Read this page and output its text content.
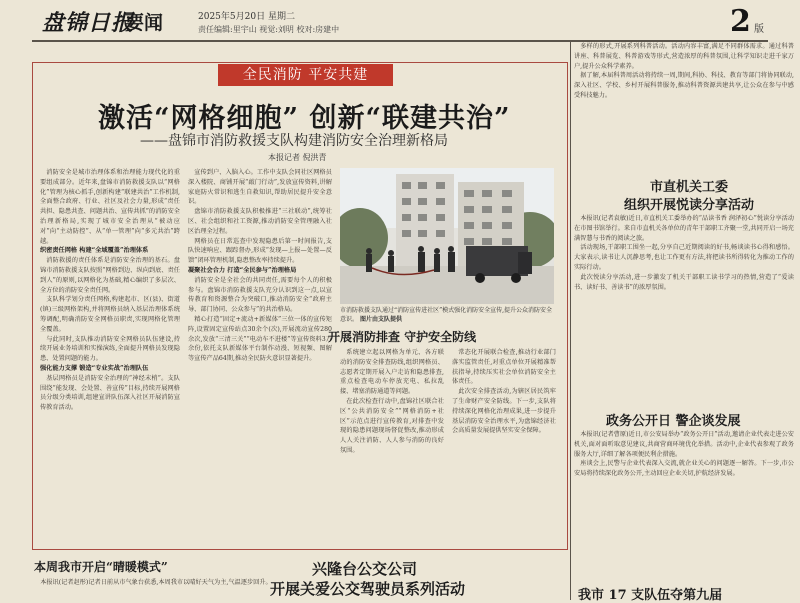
盘锦日报
要闻	2025年5月20日 星期二
责任编辑:里宇山 视觉:刘明 校对:房建中	2 版
全民消防 平安共建
激活“网格细胞” 创新“联建共治”
——盘锦市消防救援支队构建消防安全治理新格局
本报记者 倪洪青

消防安全是城市治理体系和治理能力现代化的重要组成部分。近年来,盘锦市消防救援支队以“网格化”管理为核心抓手,创新构建“联建共治”工作机制,全面整合政府、行业、社区及社会力量,形成“责任共担、隐患共查、问题共治、宣传共抓”的消防安全治理新格局,实现了城市安全治理从“被动应对”向“主动防控”、从“单一管理”向“多元共治”跨越。

织密责任网格 构建“全域覆盖”治理体系

消防救援的责任体系是消防安全治理的基石。盘锦市消防救援支队按照“网格到边、纵向到底、责任到人”的原则,以网格化为基础,精心编织了多层次、全方位的消防安全责任网。

支队科学划分责任网格,构建起市、区(县)、街道(镇)三级网格架构,并将网格员纳入基层治理体系统筹调配,明确消防安全网格员职责,实现网格化管理全覆盖。

与此同时,支队推动消防安全网格员队伍建设,持续开展业务培训和实操演练,全面提升网格员发现隐患、处置问题的能力。

强化能力支撑 锻造“专业实战”治理队伍

基层网格员是消防安全治理的“神经末梢”。支队围绕“能发现、会处置、善宣传”目标,持续开展网格员分级分类培训,组建宣讲队伍深入社区开展消防宣传教育活动。

宣传到户、入脑入心。工作中支队会同社区网格员深入楼院、商铺开展“敲门行动”,发放宣传资料,讲解家庭防火常识和逃生自救知识,帮助居民提升安全意识。

盘锦市消防救援支队积极推进“三社联动”,统筹社区、社会组织和社工资源,推动消防安全管理融入社区治理全过程。

网格员在日常巡查中发现隐患后第一时间报告,支队快速响应、跟踪督办,形成“发现—上报—处置—反馈”闭环管理机制,隐患整改率持续提升。

凝聚社会合力 打造“全民参与”治理格局

消防安全是全社会的共同责任,需要每个人的积极参与。盘锦市消防救援支队充分认识到这一点,以宣传教育和资源整合为突破口,推动消防安全“政府主导、部门协同、公众参与”的共治格局。

精心打造“固定+流动+新媒体”三位一体的宣传矩阵,设置固定宣传站点30余个(次),开展流动宣传280余次,发放“三清三关”“电动车不进楼”等宣传资料3万余份,依托支队新媒体平台制作动漫、短视频、图解等宣传产品64期,推动全民防火意识显著提升。

市消防救援支队通过“消防宣传进社区”模式强化消防安全宣传,提升公众消防安全意识。 图片由支队提供
开展消防排查 守护安全防线

系统建立起以网格为单元、各方联动的消防安全排查防线,组织网格员、志愿者定期开展入户走访和隐患排查,重点检查电动车停放充电、私拉乱接、堵塞消防通道等问题。

在此次检查行动中,盘锦社区联合社区“公共消防安全”“网格消防+社区”示范点进行宣传教育,对排查中发现的隐患问题现场督促整改,推动形成人人关注消防、人人参与消防的良好氛围。

常态化开展联合检查,推动行业部门落实监管责任,对重点单位开展精准帮扶指导,持续压实社会单位消防安全主体责任。

此次安全排查活动,为辖区居民筑牢了生命财产安全防线。下一步,支队将持续深化网格化治理成果,进一步提升基层消防安全治理水平,为盘锦经济社会高质量发展提供坚实安全保障。

多样的形式,开展系列科普活动。活动内容丰富,满足不同群体需求。通过科普讲座、科普展览、科普游戏等形式,营造浓厚的科普氛围,让科学知识走进千家万户,提升公众科学素养。

据了解,本届科普周活动将持续一周,期间,科协、科技、教育等部门将协同联动,深入社区、学校、乡村开展科普服务,推动科普资源共建共享,让公众在参与中感受科技魅力。

市直机关工委
组织开展悦读分享活动

本报讯(记者袁敏)近日,市直机关工委举办的“品读书香 润泽初心”悦读分享活动在市图书馆举行。来自市直机关各单位的青年干部职工齐聚一堂,共同开启一场充满智慧与书香的阅读之旅。

活动现场,干部职工围坐一起,分享自己近期阅读的好书,畅谈读书心得和感悟。大家表示,读书让人沉静思考,也让工作更有方法,将把读书所得转化为推动工作的实际行动。

此次悦读分享活动,进一步激发了机关干部职工读书学习的热情,营造了“爱读书、读好书、善读书”的浓厚氛围。

政务公开日 警企谈发展

本报讯(记者曹原)近日,市公安局举办“政务公开日”活动,邀请企业代表走进公安机关,面对面听取意见建议,共商营商环境优化举措。活动中,企业代表参观了政务服务大厅,详细了解各项便民利企措施。

座谈会上,民警与企业代表深入交流,就企业关心的问题逐一解答。下一步,市公安局将持续深化政务公开,主动回应企业关切,护航经济发展。

我市 17 支队伍夺第九届
本周我市开启“晴暖模式”

本报讯(记者赵彤)记者日前从市气象台获悉,本周我市以晴好天气为主,气温逐步回升。

兴隆台公交公司
开展关爱公交驾驶员系列活动
